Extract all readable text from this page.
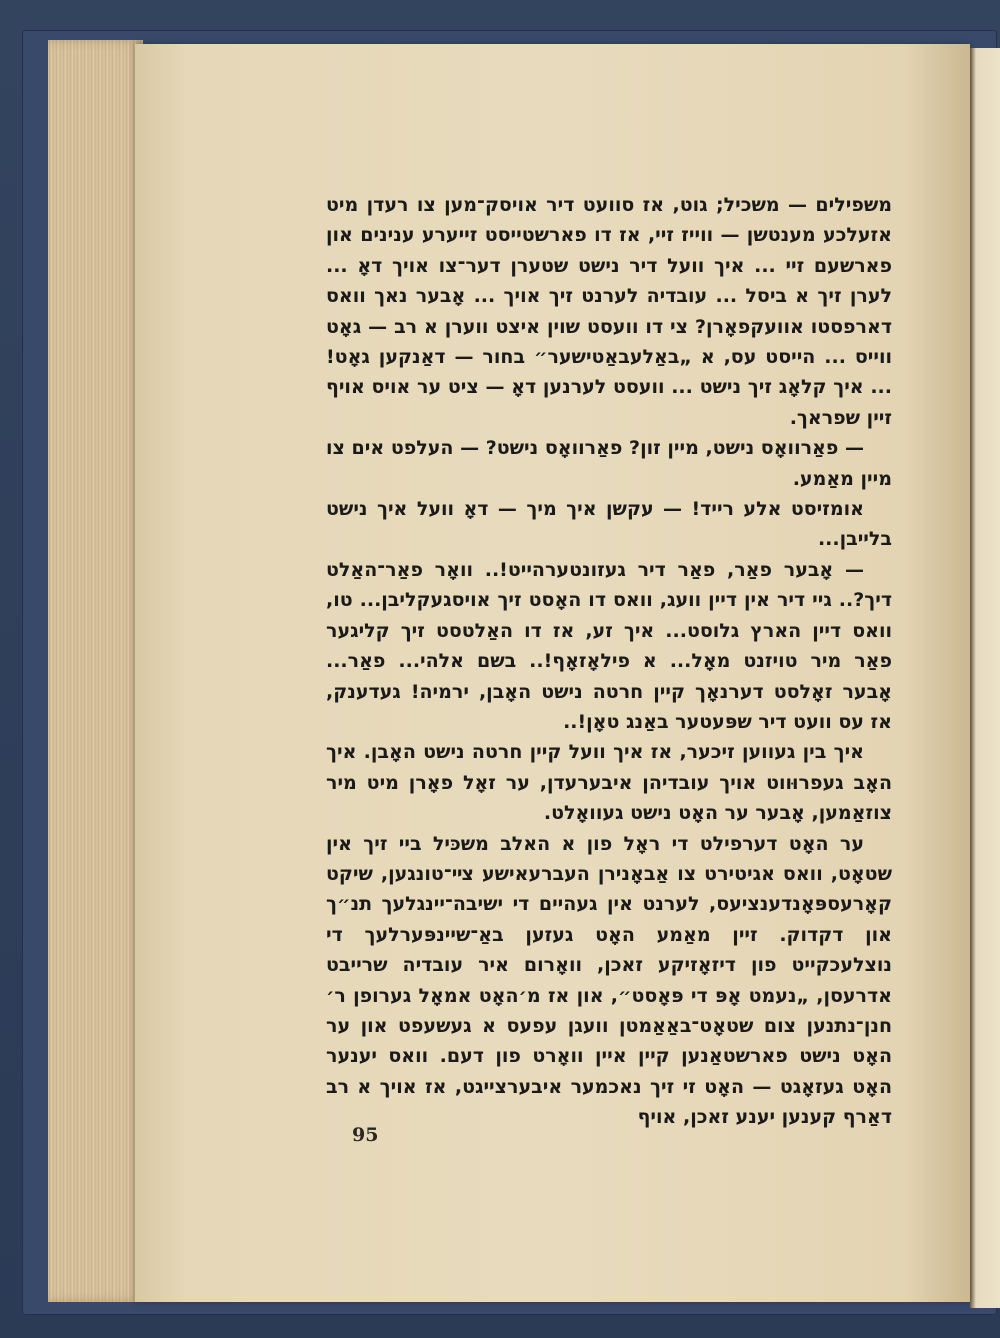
משפילים — משכיל; גוט, אז סוועט דיר אויסק־מען צו רעדן מיט אזעלכע מענטשן — ווייז זיי, אז דו פארשטייסט זייערע ענינים און פארשעם זיי ... איך וועל דיר נישט שטערן דער־צו אויך דאָ ... לערן זיך א ביסל ... עובדיה לערנט זיך אויך ... אָבער נאך וואס דארפסטו אוועקפאָרן? צי דו וועסט שוין איצט ווערן א רב — גאָט ווייס ... הייסט עס, א „באַלעבאַטישער״ בחור — דאַנקען גאָט! ... איך קלאָג זיך נישט ... וועסט לערנען דאָ — ציט ער אויס אויף זיין שפראך.

— פאַרוואָס נישט, מיין זון? פאַרוואָס נישט? — העלפט אים צו מיין מאַמע.

אומזיסט אלע רייד! — עקשן איך מיך — דאָ וועל איך נישט בלייבן...

— אָבער פאַר, פאַר דיר געזונטערהייט!.. וואָר פאַר־האַלט דיך?.. גיי דיר אין דיין וועג, וואס דו האָסט זיך אויסגעקליבן... טו, וואס דיין הארץ גלוסט... איך זע, אז דו האַלטסט זיך קליגער פאַר מיר טויזנט מאָל... א פילאָזאָף!.. בשם אלהי... פאַר... אָבער זאָלסט דערנאָך קיין חרטה נישט האָבן, ירמיה! געדענק, אז עס וועט דיר שפּעטער באַנג טאָן!..

איך בין געווען זיכער, אז איך וועל קיין חרטה נישט האָבן. איך האָב געפרוּווט אויך עובדיהן איבערעדן, ער זאָל פאָרן מיט מיר צוזאַמען, אָבער ער האָט נישט געוואָלט.

ער האָט דערפילט די ראָל פון א האלב משכּיל ביי זיך אין שטאָט, וואס אגיטירט צו אַבאָנירן העברעאישע צײ־טונגען, שיקט קאָרעספּאָנדענציעס, לערנט אין געהיים די ישיבה־יינגלעך תנ״ך און דקדוק. זיין מאַמע האָט געזען באַ־שיינפּערלעך די נוצלעכקייט פון דיזאָזיקע זאכן, וואָרום איר עובדיה שרייבט אדרעסן, „נעמט אָפּ די פּאָסט״, און אז מ׳האָט אמאָל גערופן ר׳ חנן־נתנען צום שטאָט־באַאַמטן וועגן עפעס א געשעפט און ער האָט נישט פארשטאַנען קיין איין וואָרט פון דעם. וואס יענער האָט געזאָגט — האָט זי זיך נאכמער איבערצייגט, אז אויך א רב דאַרף קענען יענע זאכן, אויף

95
